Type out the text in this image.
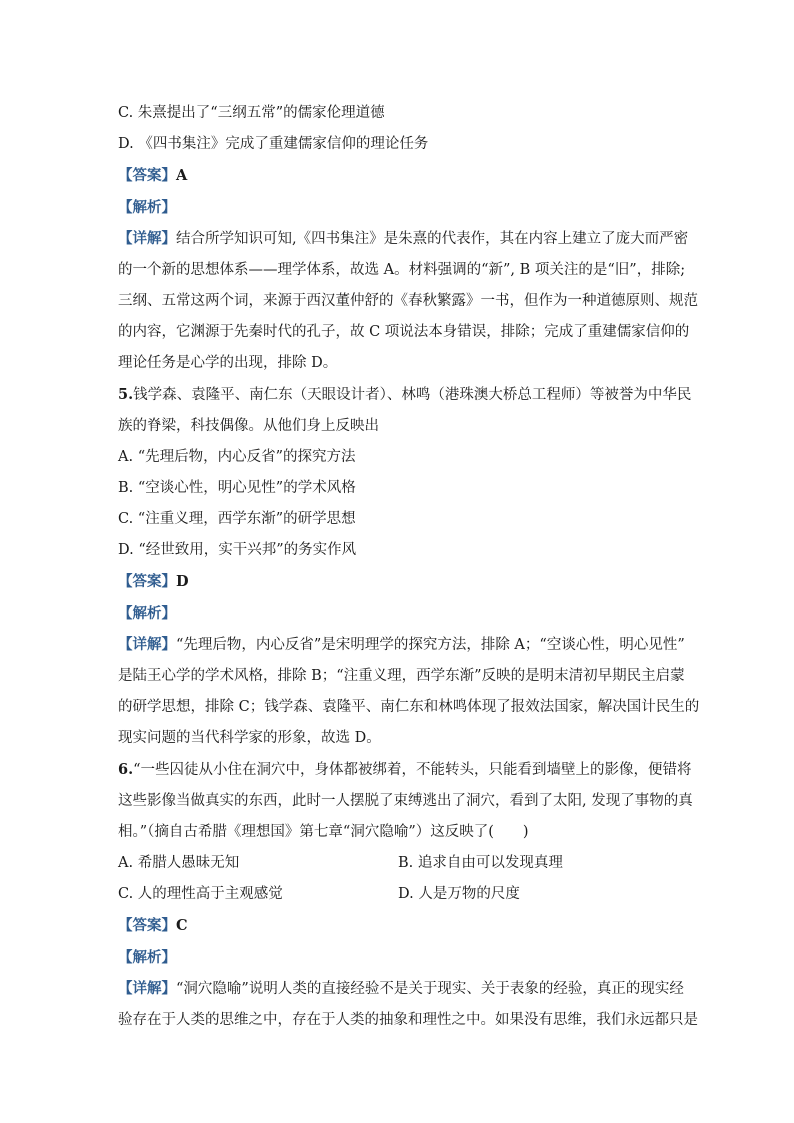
C. 朱熹提出了“三纲五常”的儒家伦理道德
D. 《四书集注》完成了重建儒家信仰的理论任务
【答案】A
【解析】
【详解】结合所学知识可知,《四书集注》是朱熹的代表作，其在内容上建立了庞大而严密
的一个新的思想体系——理学体系，故选 A。材料强调的“新”, B 项关注的是“旧”，排除;
三纲、五常这两个词，来源于西汉董仲舒的《春秋繁露》一书，但作为一种道德原则、规范
的内容，它渊源于先秦时代的孔子，故 C 项说法本身错误，排除；完成了重建儒家信仰的
理论任务是心学的出现，排除 D。
5.钱学森、袁隆平、南仁东（天眼设计者）、林鸣（港珠澳大桥总工程师）等被誉为中华民
族的脊梁，科技偶像。从他们身上反映出
A. “先理后物，内心反省”的探究方法
B. “空谈心性，明心见性”的学术风格
C. “注重义理，西学东渐”的研学思想
D. “经世致用，实干兴邦”的务实作风
【答案】D
【解析】
【详解】“先理后物，内心反省”是宋明理学的探究方法，排除 A；“空谈心性，明心见性”
是陆王心学的学术风格，排除 B；“注重义理，西学东渐”反映的是明末清初早期民主启蒙
的研学思想，排除 C；钱学森、袁隆平、南仁东和林鸣体现了报效法国家，解决国计民生的
现实问题的当代科学家的形象，故选 D。
6.“一些囚徒从小住在洞穴中，身体都被绑着，不能转头，只能看到墙壁上的影像，便错将
这些影像当做真实的东西，此时一人摆脱了束缚逃出了洞穴，看到了太阳, 发现了事物的真
相。”（摘自古希腊《理想国》第七章“洞穴隐喻”）这反映了(　　)
A. 希腊人愚昧无知	B. 追求自由可以发现真理
C. 人的理性高于主观感觉	D. 人是万物的尺度
【答案】C
【解析】
【详解】“洞穴隐喻”说明人类的直接经验不是关于现实、关于表象的经验，真正的现实经
验存在于人类的思维之中，存在于人类的抽象和理性之中。如果没有思维，我们永远都只是
